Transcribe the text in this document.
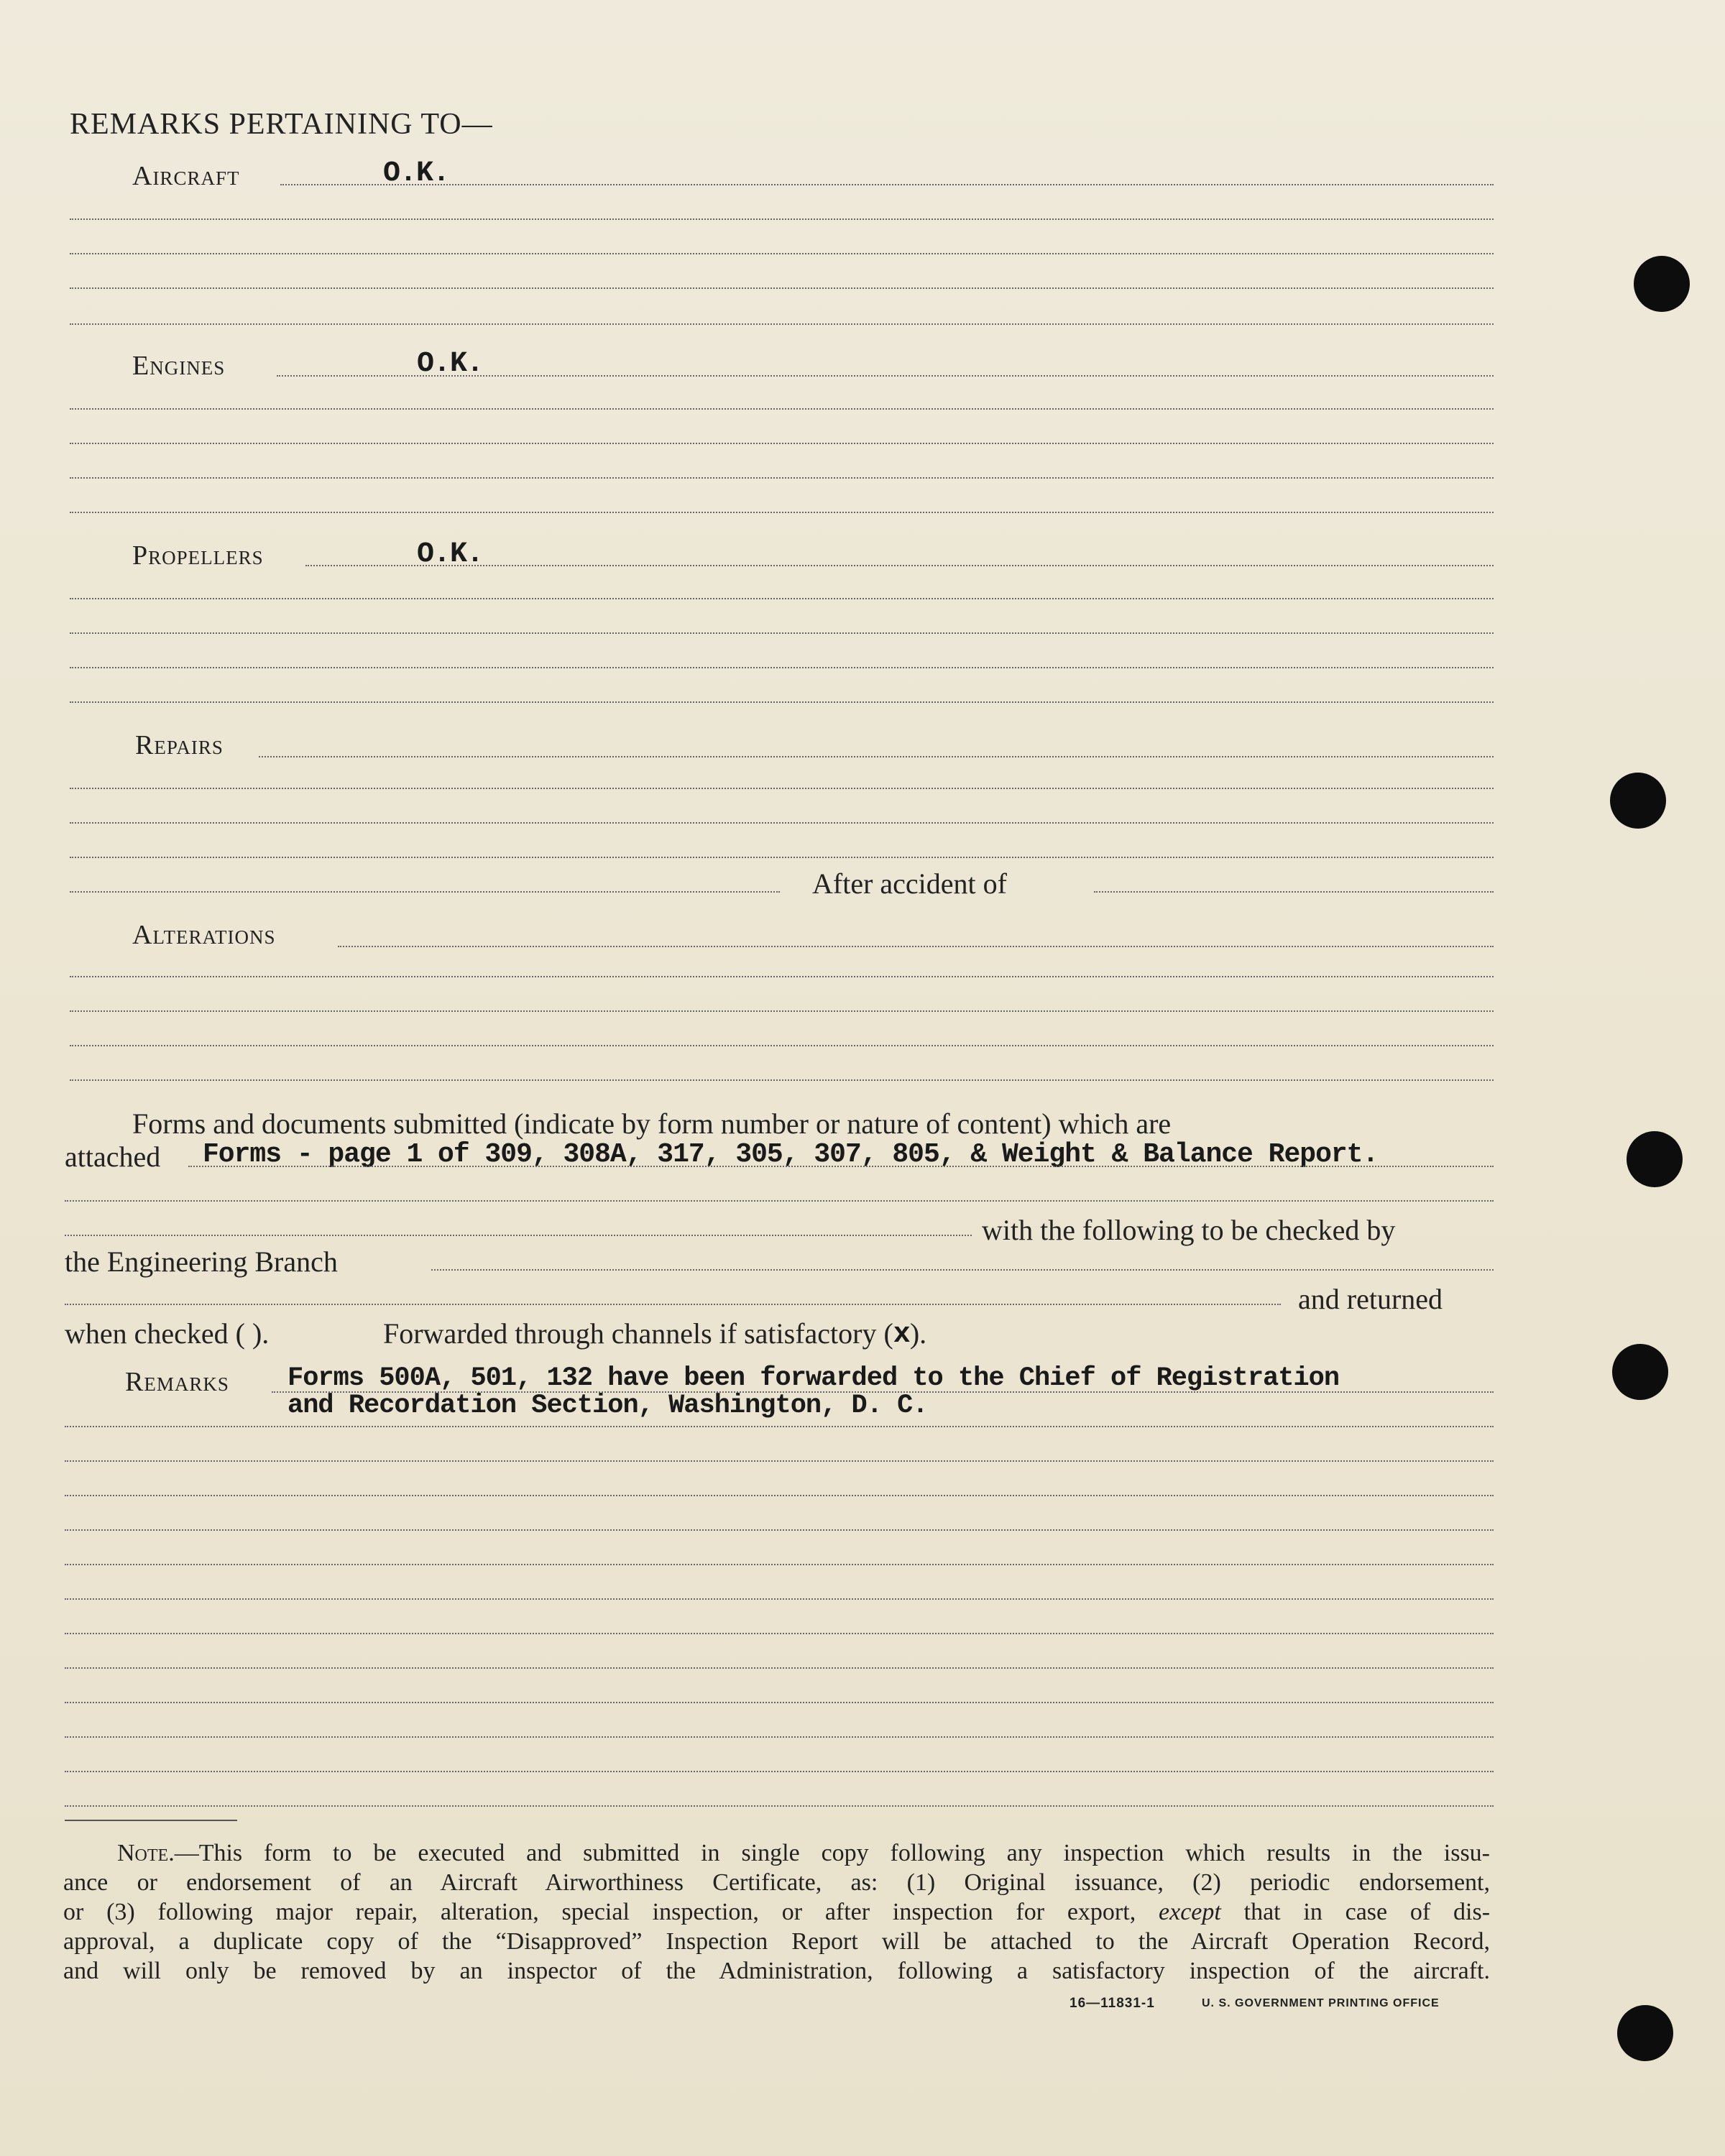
REMARKS PERTAINING TO—
Aircraft	O.K.
Engines	O.K.
Propellers	O.K.
Repairs
After accident of
Alterations
Forms and documents submitted (indicate by form number or nature of content) which are
attached Forms - page 1 of 309, 308A, 317, 305, 307, 805, & Weight & Balance Report.
with the following to be checked by
the Engineering Branch
and returned
when checked ( ).	Forwarded through channels if satisfactory (x).
Remarks Forms 500A, 501, 132 have been forwarded to the Chief of Registration
and Recordation Section, Washington, D. C.
Note.—This form to be executed and submitted in single copy following any inspection which results in the issu-
ance or endorsement of an Aircraft Airworthiness Certificate, as: (1) Original issuance, (2) periodic endorsement,
or (3) following major repair, alteration, special inspection, or after inspection for export, except that in case of dis-
approval, a duplicate copy of the “Disapproved” Inspection Report will be attached to the Aircraft Operation Record,
and will only be removed by an inspector of the Administration, following a satisfactory inspection of the aircraft.
16—11831-1	U. S. GOVERNMENT PRINTING OFFICE
